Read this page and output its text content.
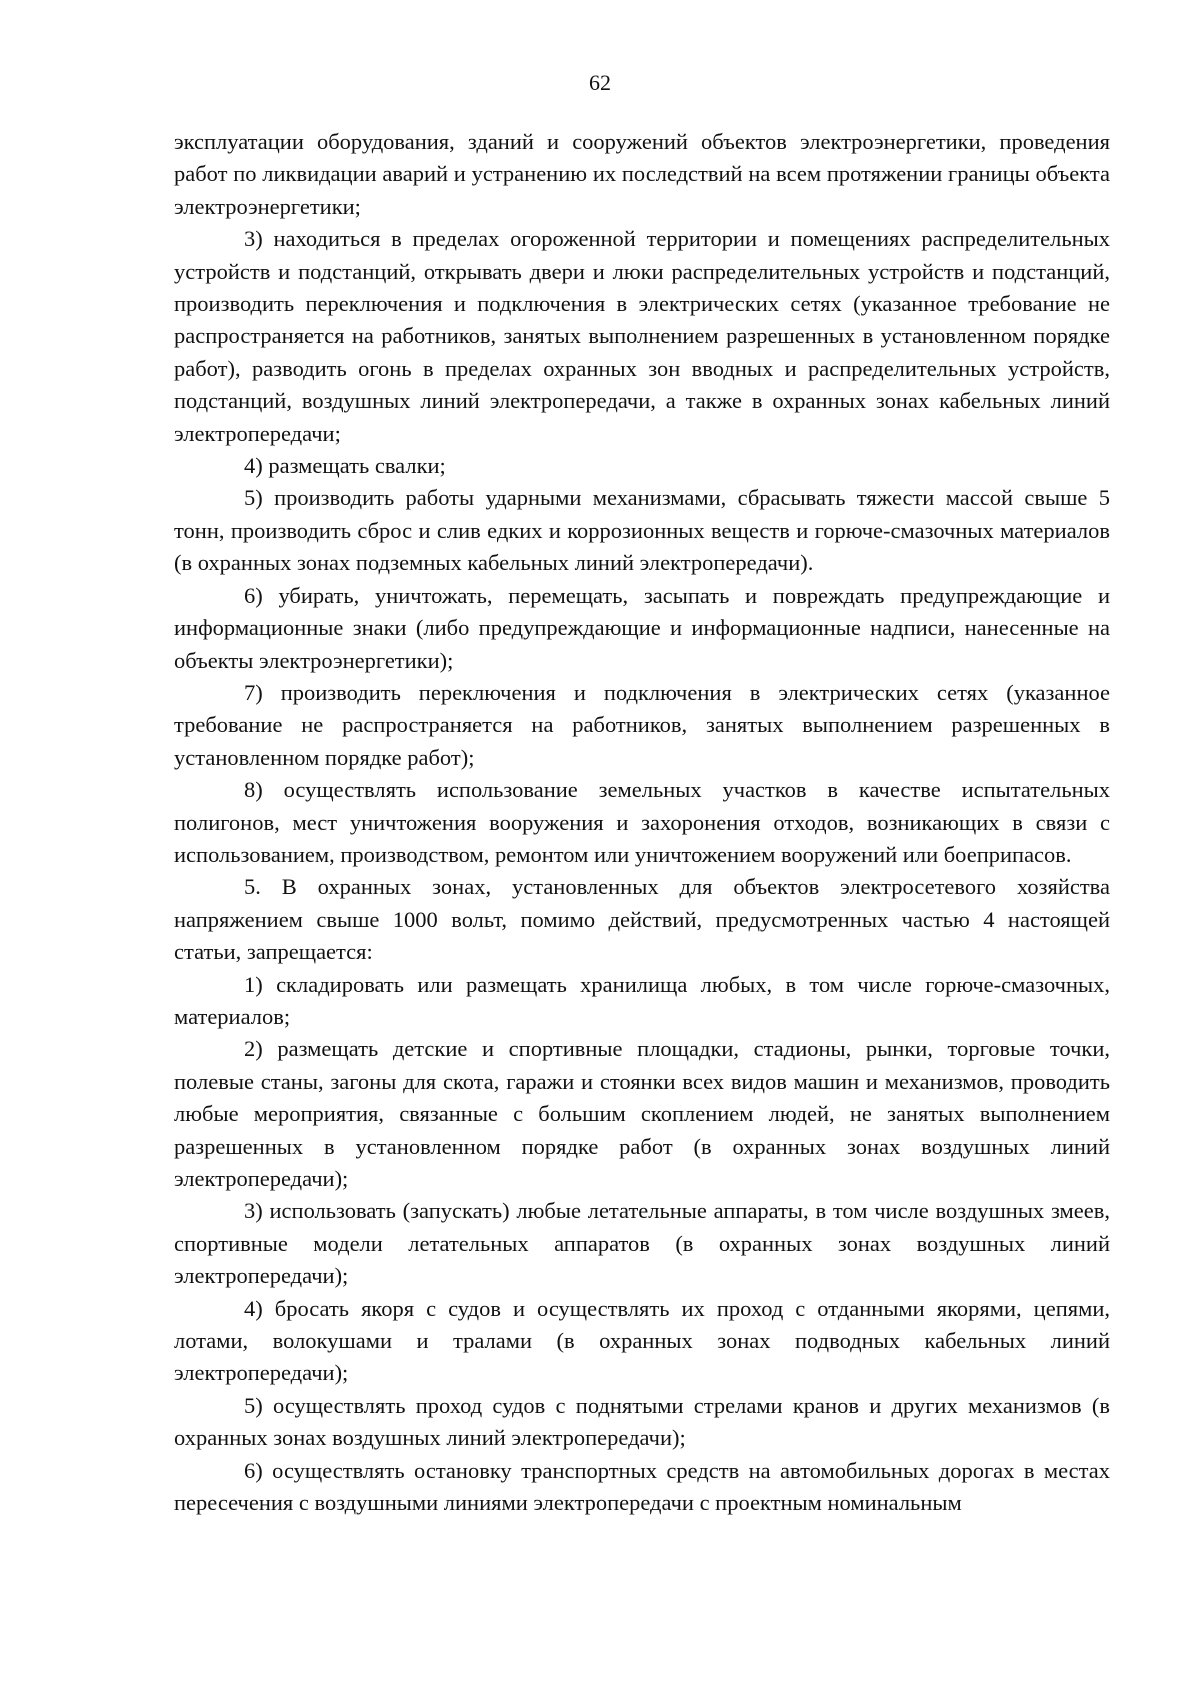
62

эксплуатации оборудования, зданий и сооружений объектов электроэнергетики, проведения работ по ликвидации аварий и устранению их последствий на всем протяжении границы объекта электроэнергетики;

3) находиться в пределах огороженной территории и помещениях распределительных устройств и подстанций, открывать двери и люки распределительных устройств и подстанций, производить переключения и подключения в электрических сетях (указанное требование не распространяется на работников, занятых выполнением разрешенных в установленном порядке работ), разводить огонь в пределах охранных зон вводных и распределительных устройств, подстанций, воздушных линий электропередачи, а также в охранных зонах кабельных линий электропередачи;

4) размещать свалки;

5) производить работы ударными механизмами, сбрасывать тяжести массой свыше 5 тонн, производить сброс и слив едких и коррозионных веществ и горюче-смазочных материалов (в охранных зонах подземных кабельных линий электропередачи).

6) убирать, уничтожать, перемещать, засыпать и повреждать предупреждающие и информационные знаки (либо предупреждающие и информационные надписи, нанесенные на объекты электроэнергетики);

7) производить переключения и подключения в электрических сетях (указанное требование не распространяется на работников, занятых выполнением разрешенных в установленном порядке работ);

8) осуществлять использование земельных участков в качестве испытательных полигонов, мест уничтожения вооружения и захоронения отходов, возникающих в связи с использованием, производством, ремонтом или уничтожением вооружений или боеприпасов.

5. В охранных зонах, установленных для объектов электросетевого хозяйства напряжением свыше 1000 вольт, помимо действий, предусмотренных частью 4 настоящей статьи, запрещается:

1) складировать или размещать хранилища любых, в том числе горюче-смазочных, материалов;

2) размещать детские и спортивные площадки, стадионы, рынки, торговые точки, полевые станы, загоны для скота, гаражи и стоянки всех видов машин и механизмов, проводить любые мероприятия, связанные с большим скоплением людей, не занятых выполнением разрешенных в установленном порядке работ (в охранных зонах воздушных линий электропередачи);

3) использовать (запускать) любые летательные аппараты, в том числе воздушных змеев, спортивные модели летательных аппаратов (в охранных зонах воздушных линий электропередачи);

4) бросать якоря с судов и осуществлять их проход с отданными якорями, цепями, лотами, волокушами и тралами (в охранных зонах подводных кабельных линий электропередачи);

5) осуществлять проход судов с поднятыми стрелами кранов и других механизмов (в охранных зонах воздушных линий электропередачи);

6) осуществлять остановку транспортных средств на автомобильных дорогах в местах пересечения с воздушными линиями электропередачи с проектным номинальным
